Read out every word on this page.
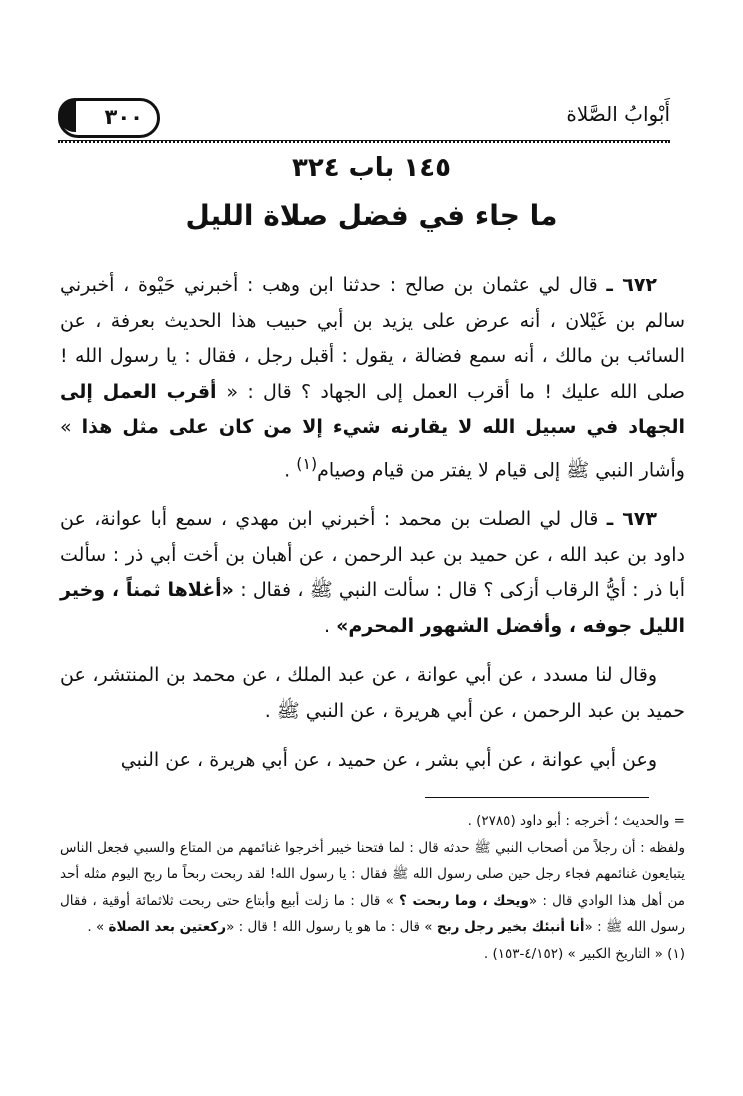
٣٠٠	أَبْوابُ الصَّلاة
١٤٥ باب ٣٢٤
ما جاء في فضل صلاة الليل

٦٧٢ ـ قال لي عثمان بن صالح : حدثنا ابن وهب : أخبرني حَيْوة ، أخبرني سالم بن غَيْلان ، أنه عرض على يزيد بن أبي حبيب هذا الحديث بعرفة ، عن السائب بن مالك ، أنه سمع فضالة ، يقول : أقبل رجل ، فقال : يا رسول الله ! صلى الله عليك ! ما أقرب العمل إلى الجهاد ؟ قال : « أقرب العمل إلى الجهاد في سبيل الله لا يقارنه شيء إلا من كان على مثل هذا » وأشار النبي ﷺ إلى قيام لا يفتر من قيام وصيام$^{(١)}$ .

٦٧٣ ـ قال لي الصلت بن محمد : أخبرني ابن مهدي ، سمع أبا عوانة، عن داود بن عبد الله ، عن حميد بن عبد الرحمن ، عن أهبان بن أخت أبي ذر : سألت أبا ذر : أيُّ الرقاب أزكى ؟ قال : سألت النبي ﷺ ، فقال : «أغلاها ثمناً ، وخير الليل جوفه ، وأفضل الشهور المحرم» .

وقال لنا مسدد ، عن أبي عوانة ، عن عبد الملك ، عن محمد بن المنتشر، عن حميد بن عبد الرحمن ، عن أبي هريرة ، عن النبي ﷺ .

وعن أبي عوانة ، عن أبي بشر ، عن حميد ، عن أبي هريرة ، عن النبي

= والحديث ؛ أخرجه : أبو داود (٢٧٨٥) .

ولفظه : أن رجلاً من أصحاب النبي ﷺ حدثه قال : لما فتحنا خيبر أخرجوا غنائمهم من المتاع والسبي فجعل الناس يتبايعون غنائمهم فجاء رجل حين صلى رسول الله ﷺ فقال : يا رسول الله! لقد ربحت ربحاً ما ربح اليوم مثله أحد من أهل هذا الوادي قال : «ويحك ، وما ربحت ؟ » قال : ما زلت أبيع وأبتاع حتى ربحت ثلاثمائة أوقية ، فقال رسول الله ﷺ : «أنا أنبئك بخير رجل ربح » قال : ما هو يا رسول الله ! قال : «ركعتين بعد الصلاة » .

(١) « التاريخ الكبير » (٤/١٥٢-١٥٣) .
